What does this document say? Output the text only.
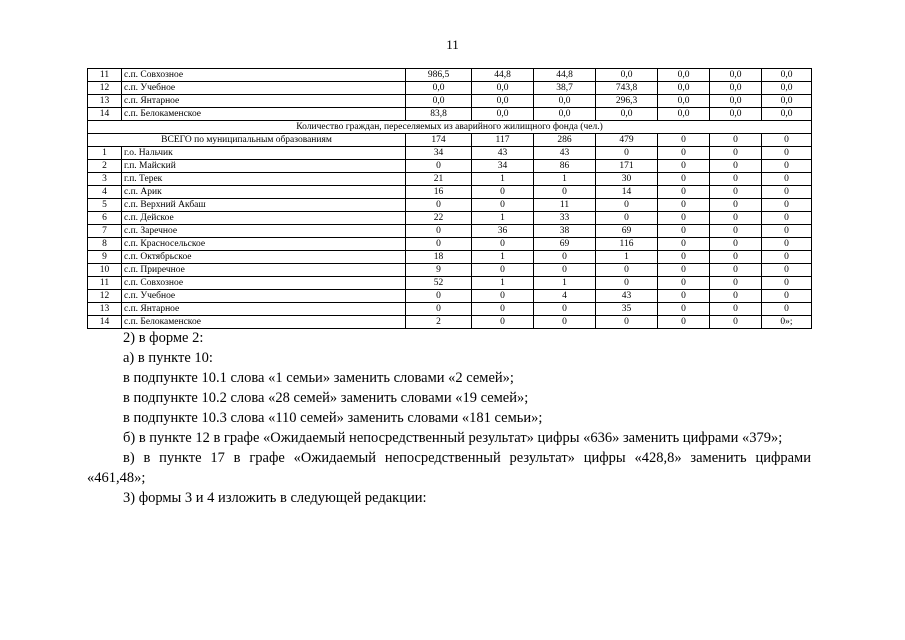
11
11	с.п. Совхозное	986,5	44,8	44,8	0,0	0,0	0,0	0,0
12	с.п. Учебное	0,0	0,0	38,7	743,8	0,0	0,0	0,0
13	с.п. Янтарное	0,0	0,0	0,0	296,3	0,0	0,0	0,0
14	с.п. Белокаменское	83,8	0,0	0,0	0,0	0,0	0,0	0,0
Количество граждан, переселяемых из аварийного жилищного фонда (чел.)								
ВСЕГО по муниципальным образованиям		174	117	286	479	0	0	0
1	г.о. Нальчик	34	43	43	0	0	0	0
2	г.п. Майский	0	34	86	171	0	0	0
3	г.п. Терек	21	1	1	30	0	0	0
4	с.п. Арик	16	0	0	14	0	0	0
5	с.п. Верхний Акбаш	0	0	11	0	0	0	0
6	с.п. Дейское	22	1	33	0	0	0	0
7	с.п. Заречное	0	36	38	69	0	0	0
8	с.п. Красносельское	0	0	69	116	0	0	0
9	с.п. Октябрьское	18	1	0	1	0	0	0
10	с.п. Приречное	9	0	0	0	0	0	0
11	с.п. Совхозное	52	1	1	0	0	0	0
12	с.п. Учебное	0	0	4	43	0	0	0
13	с.п. Янтарное	0	0	0	35	0	0	0
14	с.п. Белокаменское	2	0	0	0	0	0	0»;

2) в форме 2:

а) в пункте 10:

в подпункте 10.1 слова «1 семьи» заменить словами «2 семей»;

в подпункте 10.2 слова «28 семей» заменить словами «19 семей»;

в подпункте 10.3 слова «110 семей» заменить словами «181 семьи»;

б) в пункте 12 в графе «Ожидаемый непосредственный результат» цифры «636» заменить цифрами «379»;

в) в пункте 17 в графе «Ожидаемый непосредственный результат» цифры «428,8» заменить цифрами

«461,48»;

3) формы 3 и 4 изложить в следующей редакции:
